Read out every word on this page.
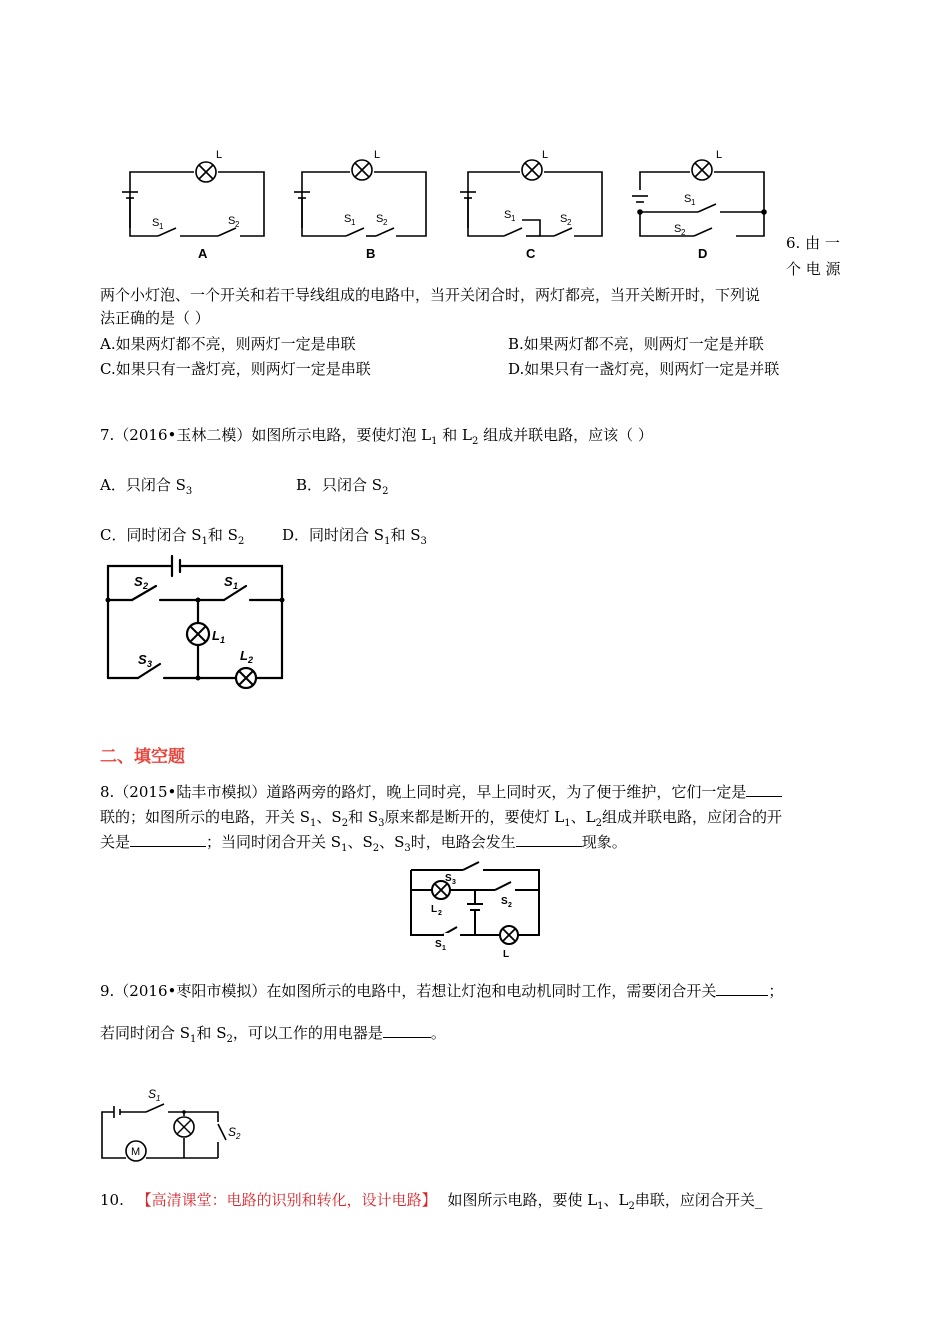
L
S 1	S 2
L
S 1 S 2
L
S 1	S 2
L
S 1
S 2
A	B	C	D
6. 由 一
个 电 源
两个小灯泡、一个开关和若干导线组成的电路中，当开关闭合时，两灯都亮，当开关断开时，下列说
法正确的是（ ）
A.如果两灯都不亮，则两灯一定是串联	B.如果两灯都不亮，则两灯一定是并联
C.如果只有一盏灯亮，则两灯一定是串联	D.如果只有一盏灯亮，则两灯一定是并联
7.（2016•玉林二模）如图所示电路，要使灯泡 $L_1$ 和 $L_2$ 组成并联电路，应该（ ）
A．只闭合 $S_3$	B．只闭合 $S_2$
C．同时闭合 $S_1$和 $S_2$	D．同时闭合 $S_1$和 $S_3$
S 2	S 1
L 1
L 2
S 3
二、填空题
8.（2015•陆丰市模拟）道路两旁的路灯，晚上同时亮，早上同时灭，为了便于维护，它们一定是
联的；如图所示的电路，开关 $S_1$、$S_2$和 $S_3$原来都是断开的，要使灯 $L_1$、$L_2$组成并联电路，应闭合的开
关是	；当同时闭合开关 $S_1$、$S_2$、$S_3$时，电路会发生	现象。
S 3
S 2
L 2
S 1
L
9.（2016•枣阳市模拟）在如图所示的电路中，若想让灯泡和电动机同时工作，需要闭合开关	；
若同时闭合 $S_1$和 $S_2$，可以工作的用电器是	。
S 1
S 2
M
10. 【高清课堂：电路的识别和转化，设计电路】 如图所示电路，要使 $L_1$、$L_2$串联，应闭合开关_
